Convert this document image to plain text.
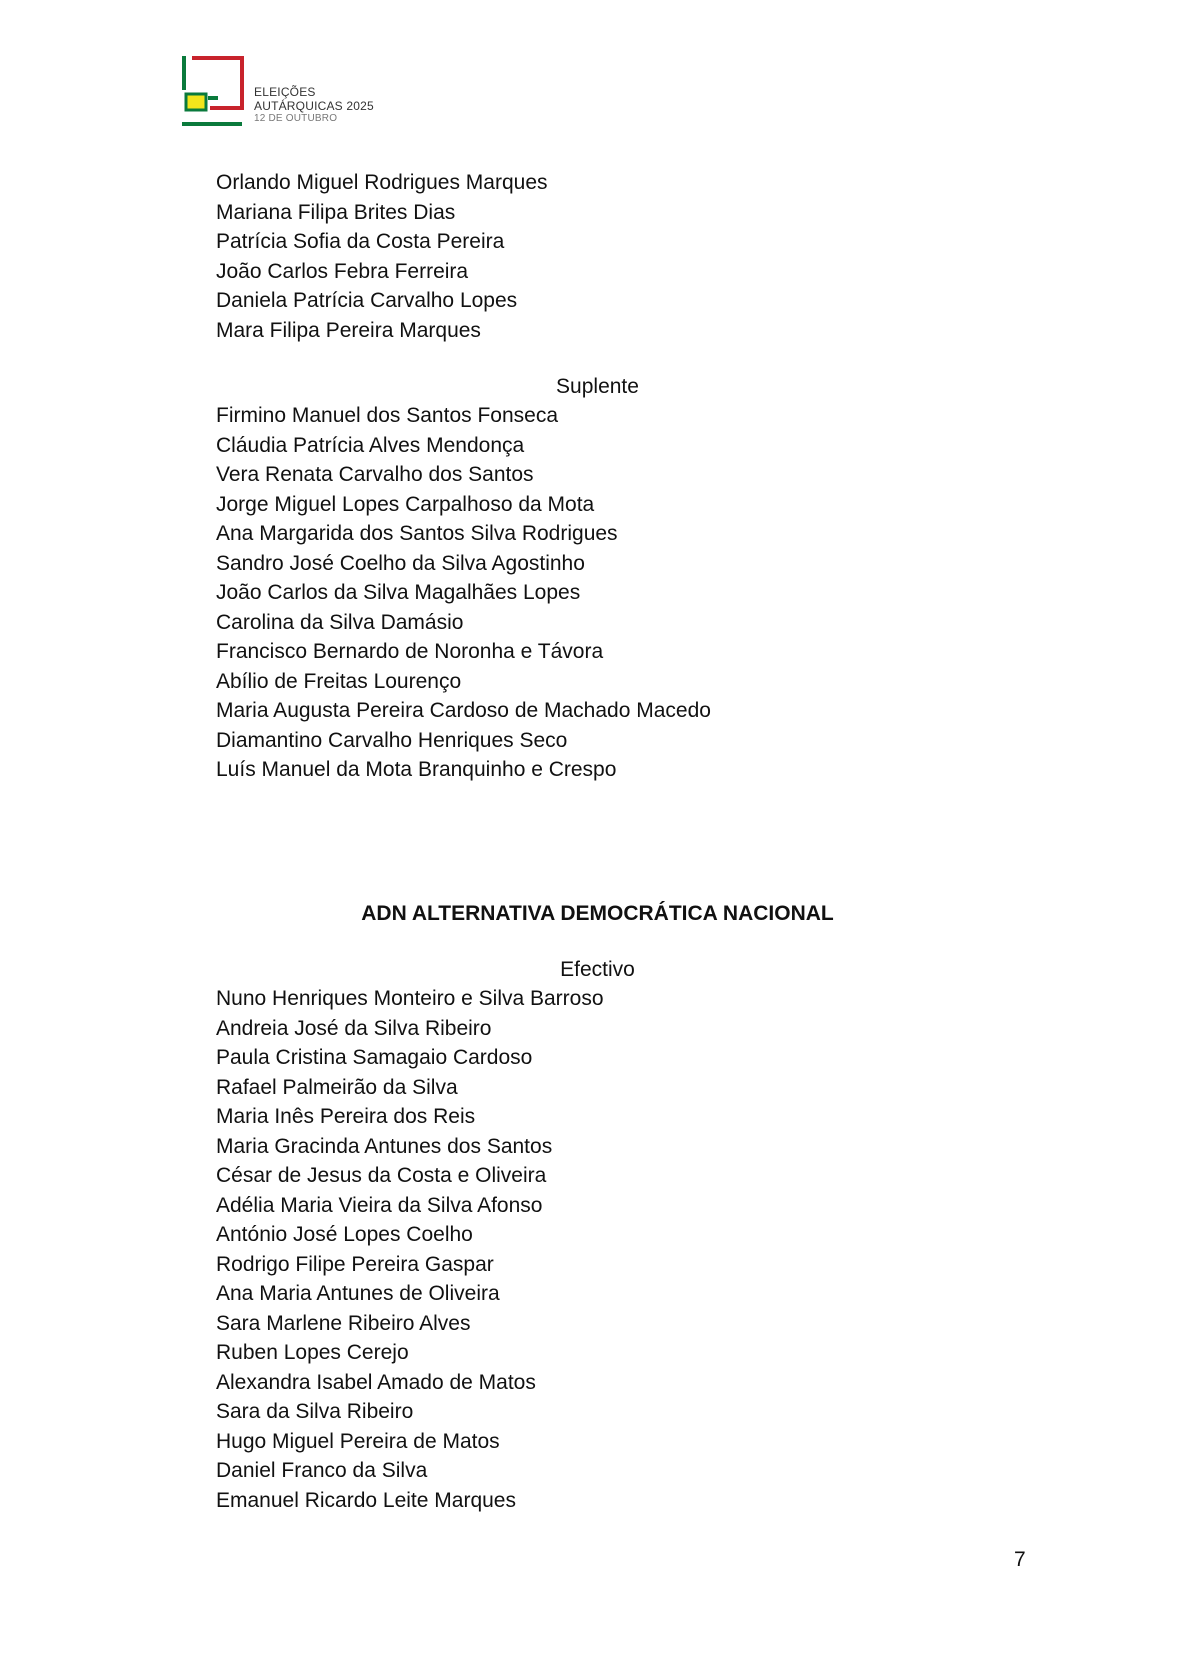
ELEIÇÕES
AUTÁRQUICAS 2025
12 DE OUTUBRO
Orlando Miguel Rodrigues Marques
Mariana Filipa Brites Dias
Patrícia Sofia da Costa Pereira
João Carlos Febra Ferreira
Daniela Patrícia Carvalho Lopes
Mara Filipa Pereira Marques
Suplente
Firmino Manuel dos Santos Fonseca
Cláudia Patrícia Alves Mendonça
Vera Renata Carvalho dos Santos
Jorge Miguel Lopes Carpalhoso da Mota
Ana Margarida dos Santos Silva Rodrigues
Sandro José Coelho da Silva Agostinho
João Carlos da Silva Magalhães Lopes
Carolina da Silva Damásio
Francisco Bernardo de Noronha e Távora
Abílio de Freitas Lourenço
Maria Augusta Pereira Cardoso de Machado Macedo
Diamantino Carvalho Henriques Seco
Luís Manuel da Mota Branquinho e Crespo
ADN ALTERNATIVA DEMOCRÁTICA NACIONAL
Efectivo
Nuno Henriques Monteiro e Silva Barroso
Andreia José da Silva Ribeiro
Paula Cristina Samagaio Cardoso
Rafael Palmeirão da Silva
Maria Inês Pereira dos Reis
Maria Gracinda Antunes dos Santos
César de Jesus da Costa e Oliveira
Adélia Maria Vieira da Silva Afonso
António José Lopes Coelho
Rodrigo Filipe Pereira Gaspar
Ana Maria Antunes de Oliveira
Sara Marlene Ribeiro Alves
Ruben Lopes Cerejo
Alexandra Isabel Amado de Matos
Sara da Silva Ribeiro
Hugo Miguel Pereira de Matos
Daniel Franco da Silva
Emanuel Ricardo Leite Marques
7
